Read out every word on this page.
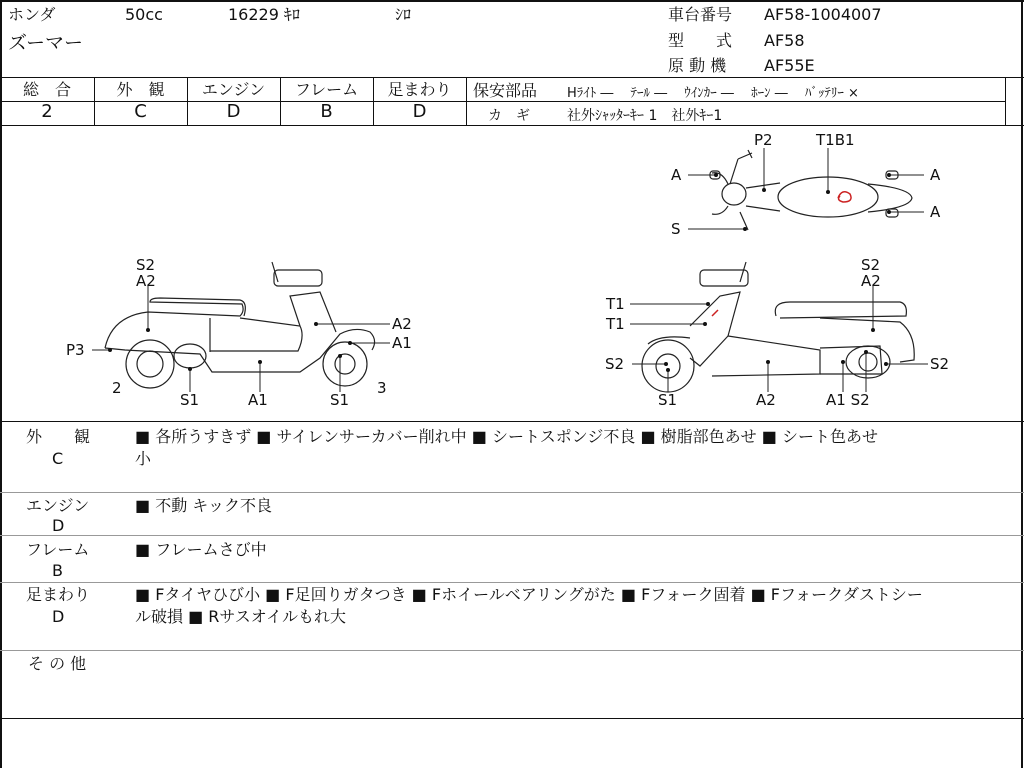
ホンダ	50cc	16229 ｷﾛ	ｼﾛ
ズーマー
車台番号 AF58-1004007
型　　式 AF58
原 動 機 AF55E
総　合	外　観	エンジン	フレーム	足まわり
2	C	D	B	D
保安部品 Hﾗｲﾄ ―　 ﾃｰﾙ ―　 ｳｲﾝｶｰ ―　 ﾎｰﾝ ―　 ﾊﾞｯﾃﾘｰ ×
カ　ギ	社外ｼｬｯﾀｰｷｰ 1　社外ｷｰ1
P2	T1B1
A	A
A
S
S2
A2
P3
2
S1	A1	S1
3
A2
A1
T1
T1
S2
A2
S2
S1	A2	A1 S2
S2
外　　観
C
■ 各所うすきず ■ サイレンサーカバー削れ中 ■ シートスポンジ不良 ■ 樹脂部色あせ ■ シート色あせ
小
エンジン
D
■ 不動 キック不良
フレーム
B
■ フレームさび中
足まわり
D
■ Fタイヤひび小 ■ F足回りガタつき ■ Fホイールベアリングがた ■ Fフォーク固着 ■ Fフォークダストシー
ル破損 ■ Rサスオイルもれ大
そ の 他
